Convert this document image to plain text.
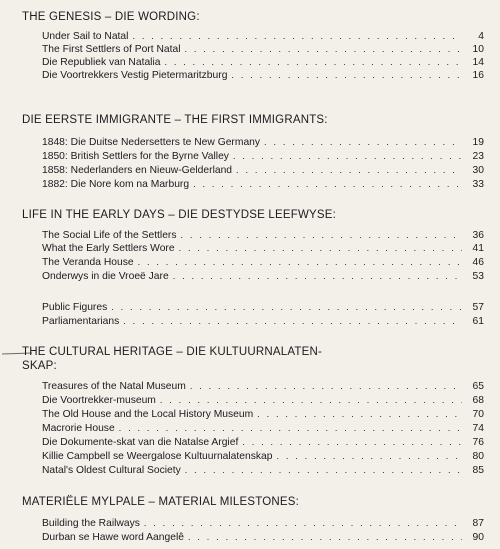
THE GENESIS – DIE WORDING:
Under Sail to Natal . . .	4
The First Settlers of Port Natal . . .	10
Die Republiek van Natalia . . .	14
Die Voortrekkers Vestig Pietermaritzburg . . .	16
DIE EERSTE IMMIGRANTE – THE FIRST IMMIGRANTS:
1848: Die Duitse Nedersetters te New Germany . . .	19
1850: British Settlers for the Byrne Valley . . .	23
1858: Nederlanders en Nieuw-Gelderland . . .	30
1882: Die Nore kom na Marburg . . .	33
LIFE IN THE EARLY DAYS – DIE DESTYDSE LEEFWYSE:
The Social Life of the Settlers . . .	36
What the Early Settlers Wore . . .	41
The Veranda House . . .	46
Onderwys in die Vroeë Jare . . .	53
Public Figures . . .	57
Parliamentarians . . .	61
THE CULTURAL HERITAGE – DIE KULTUURNALATEN-
SKAP:
Treasures of the Natal Museum . . .	65
Die Voortrekker-museum . . .	68
The Old House and the Local History Museum . . .	70
Macrorie House . . .	74
Die Dokumente-skat van die Natalse Argief . . .	76
Killie Campbell se Weergalose Kultuurnalatenskap . . .	80
Natal's Oldest Cultural Society . . .	85
MATERIËLE MYLPALE – MATERIAL MILESTONES:
Building the Railways . . .	87
Durban se Hawe word Aangelê . . .	90
